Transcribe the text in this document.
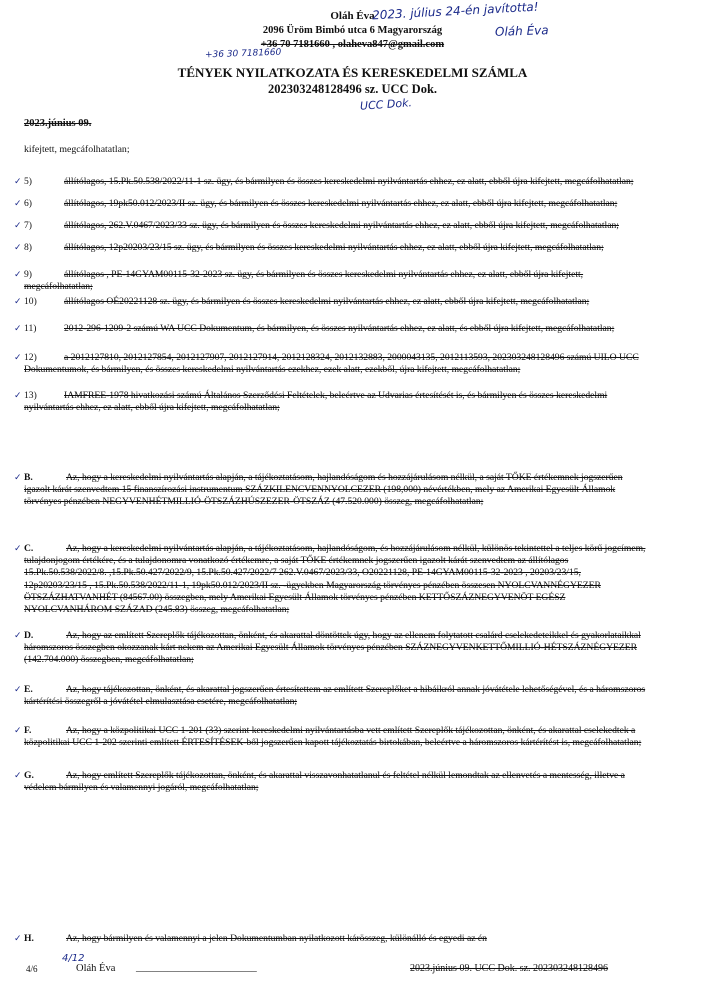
Oláh Éva
2096 Üröm Bimbó utca 6 Magyarország
+36 70 7181660 , olaheva847@gmail.com
TÉNYEK NYILATKOZATA ÉS KERESKEDELMI SZÁMLA
202303248128496 sz. UCC Dok.
2023. július 24-én javította!
Oláh Éva
+36 30 7181660
UCC Dok.
4/12
2023.június 09.
kifejtett, megcáfolhatatlan;
✓ 5)	állítólagos, 15.Pk.50.538/2022/11-1 sz. ügy, és bármilyen és összes kereskedelmi nyilvántartás ehhez, ez alatt, ebből újra kifejtett, megcáfolhatatlan;
✓ 6)	állítólagos, 19pk50.012/2023/II sz. ügy, és bármilyen és összes kereskedelmi nyilvántartás ehhez, ez alatt, ebből újra kifejtett, megcáfolhatatlan;
✓ 7)	állítólagos, 262.V.0467/2023/33 sz. ügy, és bármilyen és összes kereskedelmi nyilvántartás ehhez, ez alatt, ebből újra kifejtett, megcáfolhatatlan;
✓ 8)	állítólagos, 12p20203/23/15 sz. ügy, és bármilyen és összes kereskedelmi nyilvántartás ehhez, ez alatt, ebből újra kifejtett, megcáfolhatatlan;
✓ 9)	állítólagos , PE-14GYAM00115-32-2023 sz. ügy, és bármilyen és összes kereskedelmi nyilvántartás ehhez, ez alatt, ebből újra kifejtett, megcáfolhatatlan;
✓ 10)	állítólagos OÉ20221128 sz. ügy, és bármilyen és összes kereskedelmi nyilvántartás ehhez, ez alatt, ebből újra kifejtett, megcáfolhatatlan;
✓ 11)	2012-296-1209-2 számú WA UCC Dokumentum, és bármilyen, és összes nyilvántartás ehhez, ez alatt, és ebből újra kifejtett, megcáfolhatatlan;
✓ 12)	a 2012127810, 2012127854, 2012127907, 2012127914, 2012128324, 2012132883, 2000043135, 2012113593, 202303248128496 számú UILO UCC Dokumentumok, és bármilyen, és összes kereskedelmi nyilvántartás ezekhez, ezek alatt, ezekből, újra kifejtett, megcáfolhatatlan;
✓ 13)	IAMFREE-1978 hivatkozási számú Általános Szerződési Feltételek, beleértve az Udvarias értesítését is, és bármilyen és összes kereskedelmi nyilvántartás ehhez, ez alatt, ebből újra kifejtett, megcáfolhatatlan;
✓ B.	Az, hogy a kereskedelmi nyilvántartás alapján, a tájékoztatásom, hajlandóságom és hozzájárulásom nélkül, a saját TŐKE értékemnek jogszerűen igazolt kárát szenvedtem 15 finanszírozási instrumentum SZÁZKILENCVENNYOLCEZER (198,000) névértékben, mely az Amerikai Egyesült Államok törvényes pénzében NEGYVENHÉTMILLIÓ-ÖTSZÁZHÚSZEZER-ÖTSZÁZ (47.520.000) összeg, megcáfolhatatlan;
✓ C.	Az, hogy a kereskedelmi nyilvántartás alapján, a tájékoztatásom, hajlandóságom, és hozzájárulásom nélkül, különös tekintettel a teljes körű jogcímem, tulajdonjogom értékére, és a tulajdonomra vonatkozó értékemre, a saját TŐKE értékemnek jogszerűen igazolt kárát szenvedtem az állítólagos 15.Pk.50.538/2022/8. ,15.Pk.50.427/2022/9, 15.Pk.50.427/2022/7 262.V.0467/2023/33, O20221128, PE-14GYAM00115-32-2023 , 20203/23/15, 12p20203/23/15 , 15.Pk.50.538/2022/11-1, 19pk50.012/2023/II sz. -ügyekben Magyarország törvényes pénzében összesen NYOLCVANNÉGYEZER ÖTSZÁZHATVANHÉT (84567.00) összegben, mely Amerikai Egyesült Államok törvényes pénzében KETTŐSZÁZNEGYVENÖT EGÉSZ NYOLCVANHÁROM SZÁZAD (245.83) összeg, megcáfolhatatlan;
✓ D.	Az, hogy az említett Szereplők tájékozottan, önként, és akarattal döntöttek úgy, hogy az ellenem folytatott csalárd cselekedeteikkel és gyakorlataikkal háromszoros összegben okozzanak kárt nekem az Amerikai Egyesült Államok törvényes pénzében SZÁZNEGYVENKETTŐMILLIÓ-HÉTSZÁZNÉGYEZER (142.704.000) összegben, megcáfolhatatlan;
✓ E.	Az, hogy tájékozottan, önként, és akarattal jogszerűen értesítettem az említett Szereplőket a hibáikról annak jóvátétele lehetőségével, és a háromszoros kártérítési összegről a jóvátétel elmulasztása esetére, megcáfolhatatlan;
✓ F.	Az, hogy a közpolitikai UCC 1-201 (33) szerint kereskedelmi nyilvántartásba vett említett Szereplők tájékozottan, önként, és akarattal cselekedtek a közpolitikai UCC 1-202 szerinti említett ÉRTESÍTÉSEK-ből jogszerűen kapott tájékoztatás birtokában, beleértve a háromszoros kártérítést is, megcáfolhatatlan;
✓ G.	Az, hogy említett Szereplők tájékozottan, önként, és akarattal visszavonhatatlanul és feltétel nélkül lemondtak az ellenvetés a mentesség, illetve a védelem bármilyen és valamennyi jogáról, megcáfolhatatlan;
✓ H.	Az, hogy bármilyen és valamennyi a jelen Dokumentumban nyilatkozott kárösszeg, különálló és egyedi az én
4/6	Oláh Éva _______________________	2023.június 09. UCC Dok. sz. 202303248128496
